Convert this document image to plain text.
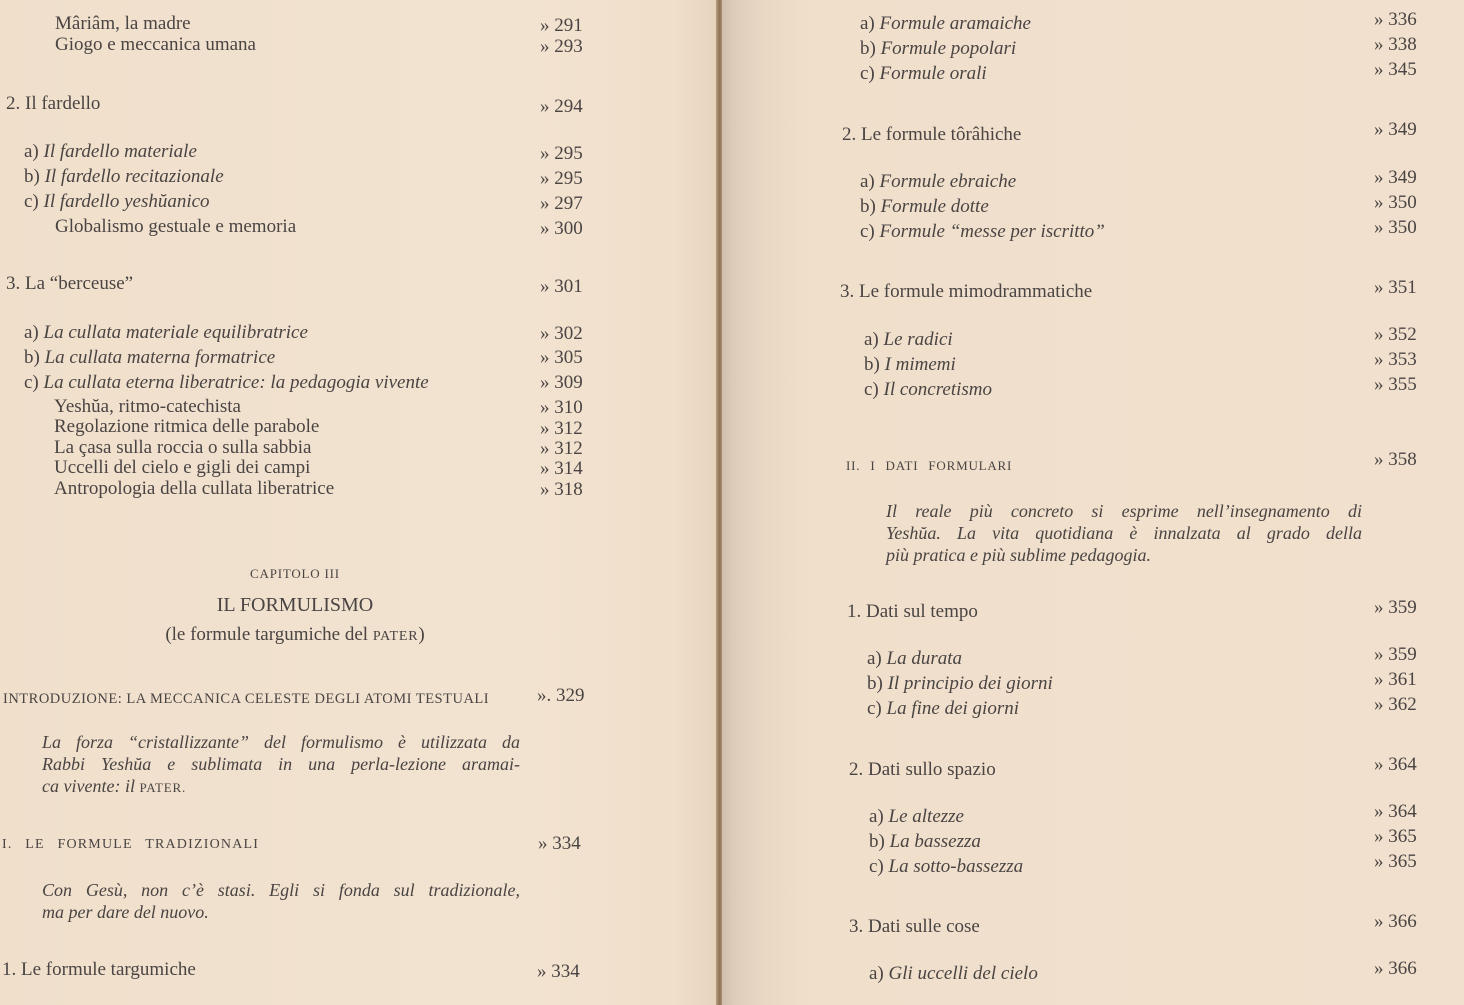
Mâriâm, la madre	» 291
Giogo e meccanica umana	» 293
2. Il fardello	» 294
a) Il fardello materiale	» 295
b) Il fardello recitazionale	» 295
c) Il fardello yeshŭanico	» 297
Globalismo gestuale e memoria	» 300
3. La “berceuse”	» 301
a) La cullata materiale equilibratrice	» 302
b) La cullata materna formatrice	» 305
c) La cullata eterna liberatrice: la pedagogia vivente	» 309
Yeshŭa, ritmo-catechista	» 310
Regolazione ritmica delle parabole	» 312
La çasa sulla roccia o sulla sabbia	» 312
Uccelli del cielo e gigli dei campi	» 314
Antropologia della cullata liberatrice	» 318
CAPITOLO III
IL FORMULISMO
(le formule targumiche del PATER)
INTRODUZIONE: LA MECCANICA CELESTE DEGLI ATOMI TESTUALI	». 329
La forza “cristallizzante” del formulismo è utilizzata da
Rabbi Yeshŭa e sublimata in una perla-lezione aramai-
ca vivente: il PATER.
I. LE FORMULE TRADIZIONALI	» 334
Con Gesù, non c’è stasi. Egli si fonda sul tradizionale,
ma per dare del nuovo.
1. Le formule targumiche	» 334
a) Formule aramaiche	» 336
b) Formule popolari	» 338
c) Formule orali	» 345
2. Le formule tôrâhiche	» 349
a) Formule ebraiche	» 349
b) Formule dotte	» 350
c) Formule “messe per iscritto”	» 350
3. Le formule mimodrammatiche	» 351
a) Le radici	» 352
b) I mimemi	» 353
c) Il concretismo	» 355
II. I DATI FORMULARI	» 358
Il reale più concreto si esprime nell’insegnamento di
Yeshŭa. La vita quotidiana è innalzata al grado della
più pratica e più sublime pedagogia.
1. Dati sul tempo	» 359
a) La durata	» 359
b) Il principio dei giorni	» 361
c) La fine dei giorni	» 362
2. Dati sullo spazio	» 364
a) Le altezze	» 364
b) La bassezza	» 365
c) La sotto-bassezza	» 365
3. Dati sulle cose	» 366
a) Gli uccelli del cielo	» 366
